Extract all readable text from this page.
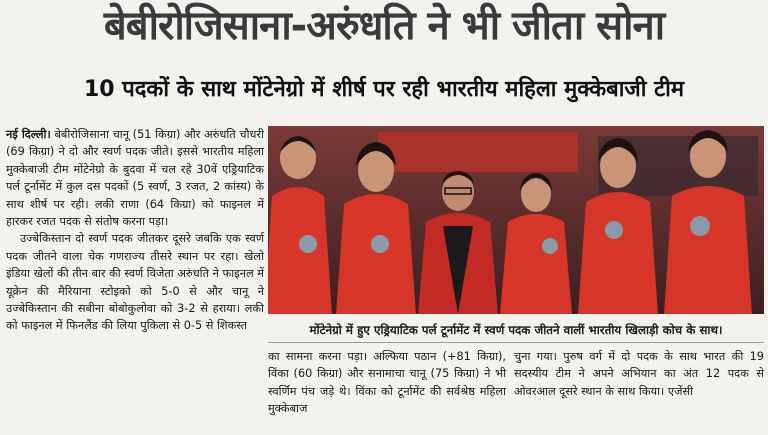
बेबीरोजिसाना-अरुंधति ने भी जीता सोना
10 पदकों के साथ मोंटेनेग्रो में शीर्ष पर रही भारतीय महिला मुक्केबाजी टीम

नई दिल्ली। बेबीरोजिसाना चानू (51 किग्रा) और अरुंधति चौधरी (69 किग्रा) ने दो और स्वर्ण पदक जीते। इससे भारतीय महिला मुक्केबाजी टीम मोंटेनेग्रो के बुदवा में चल रहे 30वें एड्रियाटिक पर्ल टूर्नामेंट में कुल दस पदकों (5 स्वर्ण, 3 रजत, 2 कांस्य) के साथ शीर्ष पर रही। लकी राणा (64 किग्रा) को फाइनल में हारकर रजत पदक से संतोष करना पड़ा।

उज्बेकिस्तान दो स्वर्ण पदक जीतकर दूसरे जबकि एक स्वर्ण पदक जीतने वाला चेक गणराज्य तीसरे स्थान पर रहा। खेलो इंडिया खेलों की तीन बार की स्वर्ण विजेता अरुंधति ने फाइनल में यूक्रेन की मैरियाना स्टोइको को 5-0 से और चानू ने उज्बेकिस्तान की सबीना बोबोकुलोवा को 3-2 से हराया। लकी को फाइनल में फिनलैंड की लिया पुकिला से 0-5 से शिकस्त	मोंटेनेग्रो में हुए एड्रियाटिक पर्ल टूर्नामेंट में स्वर्ण पदक जीतने वालीं भारतीय खिलाड़ी कोच के साथ।

का सामना करना पड़ा। अल्फिया पठान (+81 किग्रा), विंका (60 किग्रा) और सनामाचा चानू (75 किग्रा) ने भी स्वर्णिम पंच जड़े थे। विंका को टूर्नामेंट की सर्वश्रेष्ठ महिला मुक्केबाज

चुना गया। पुरुष वर्ग में दो पदक के साथ भारत की 19 सदस्यीय टीम ने अपने अभियान का अंत 12 पदक से ओवरआल दूसरे स्थान के साथ किया। एजेंसी
